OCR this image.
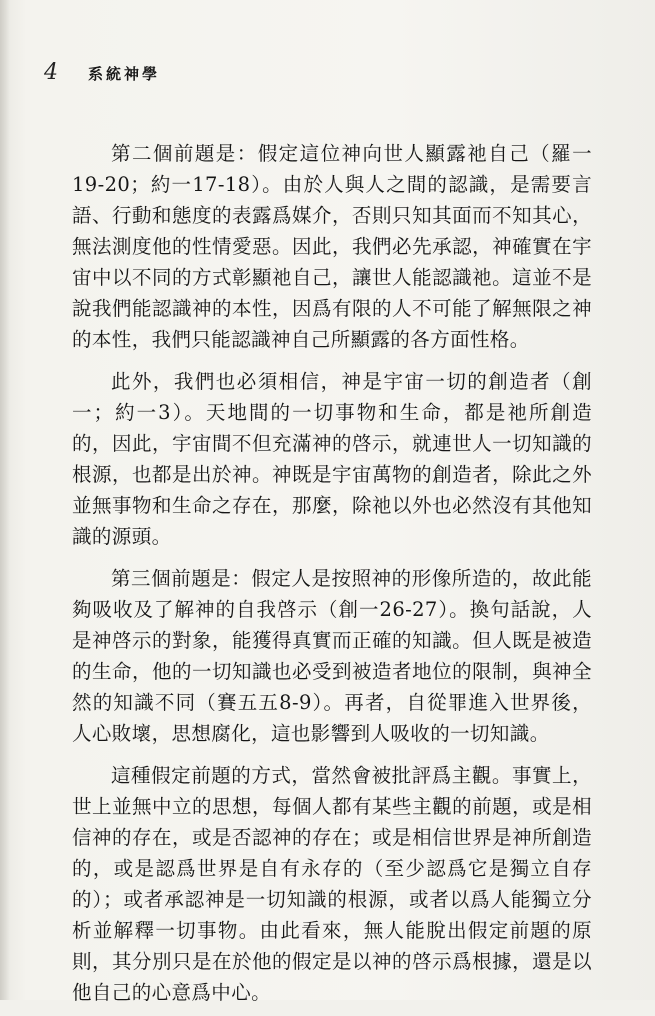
4	系統神學

第二個前題是：假定這位神向世人顯露祂自己（羅一19-20；約一17-18）。由於人與人之間的認識，是需要言語、行動和態度的表露爲媒介，否則只知其面而不知其心，無法測度他的性情愛惡。因此，我們必先承認，神確實在宇宙中以不同的方式彰顯祂自己，讓世人能認識祂。這並不是說我們能認識神的本性，因爲有限的人不可能了解無限之神的本性，我們只能認識神自己所顯露的各方面性格。

此外，我們也必須相信，神是宇宙一切的創造者（創一；約一3）。天地間的一切事物和生命，都是祂所創造的，因此，宇宙間不但充滿神的啓示，就連世人一切知識的根源，也都是出於神。神既是宇宙萬物的創造者，除此之外並無事物和生命之存在，那麼，除祂以外也必然沒有其他知識的源頭。

第三個前題是：假定人是按照神的形像所造的，故此能夠吸收及了解神的自我啓示（創一26-27）。換句話說，人是神啓示的對象，能獲得真實而正確的知識。但人既是被造的生命，他的一切知識也必受到被造者地位的限制，與神全然的知識不同（賽五五8-9）。再者，自從罪進入世界後，人心敗壞，思想腐化，這也影響到人吸收的一切知識。

這種假定前題的方式，當然會被批評爲主觀。事實上，世上並無中立的思想，每個人都有某些主觀的前題，或是相信神的存在，或是否認神的存在；或是相信世界是神所創造的，或是認爲世界是自有永存的（至少認爲它是獨立自存的）；或者承認神是一切知識的根源，或者以爲人能獨立分析並解釋一切事物。由此看來，無人能脫出假定前題的原則，其分別只是在於他的假定是以神的啓示爲根據，還是以他自己的心意爲中心。
